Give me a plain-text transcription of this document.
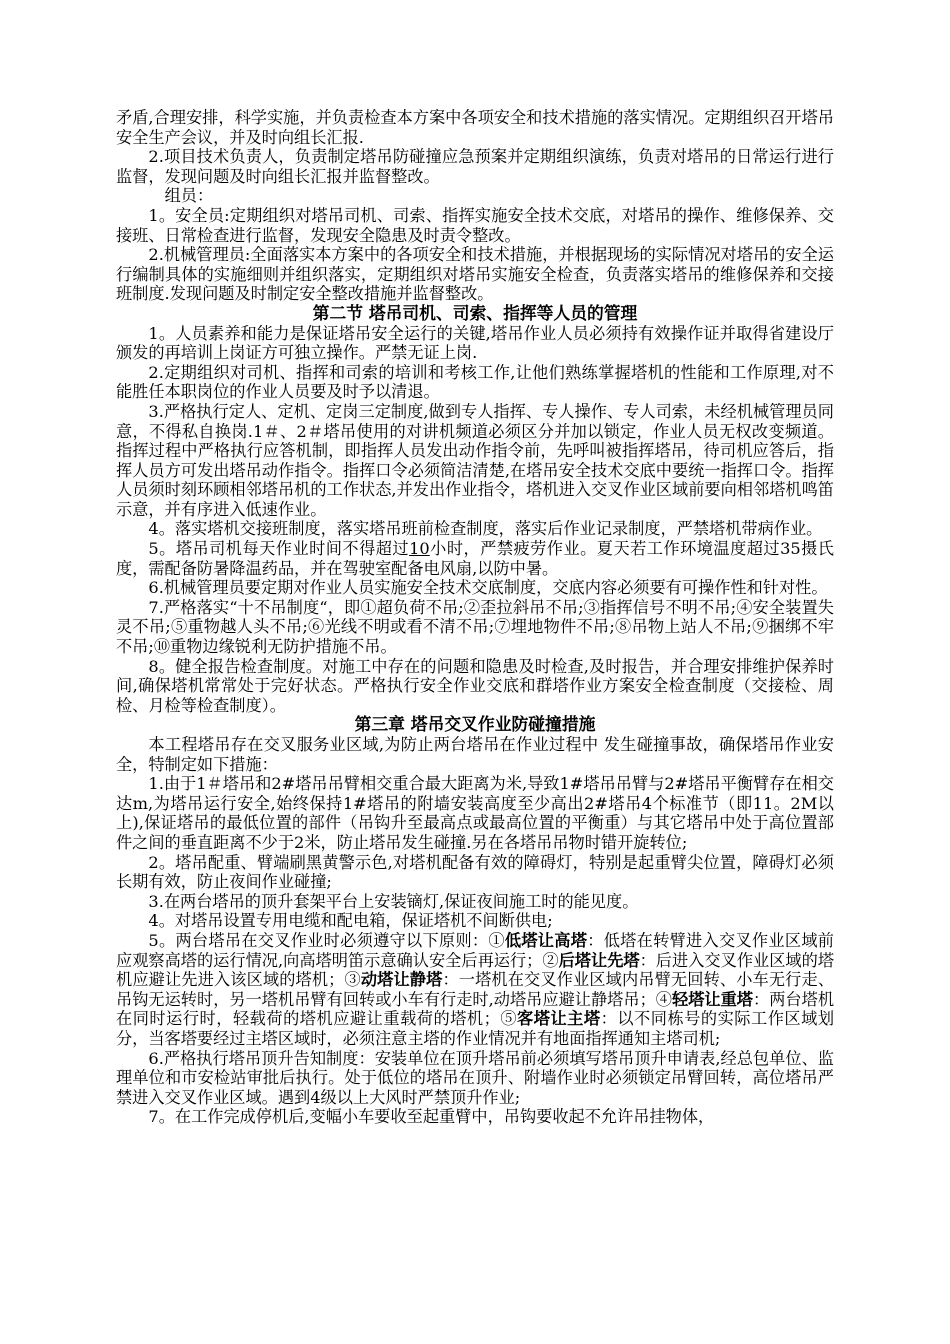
矛盾,合理安排，科学实施，并负责检查本方案中各项安全和技术措施的落实情况。定期组织召开塔吊安全生产会议，并及时向组长汇报.

2.项目技术负责人，负责制定塔吊防碰撞应急预案并定期组织演练，负责对塔吊的日常运行进行监督，发现问题及时向组长汇报并监督整改。

组员：

1。安全员:定期组织对塔吊司机、司索、指挥实施安全技术交底，对塔吊的操作、维修保养、交接班、日常检查进行监督，发现安全隐患及时责令整改。

2.机械管理员:全面落实本方案中的各项安全和技术措施，并根据现场的实际情况对塔吊的安全运行编制具体的实施细则并组织落实，定期组织对塔吊实施安全检查，负责落实塔吊的维修保养和交接班制度.发现问题及时制定安全整改措施并监督整改。

第二节 塔吊司机、司索、指挥等人员的管理

1。人员素养和能力是保证塔吊安全运行的关键,塔吊作业人员必须持有效操作证并取得省建设厅颁发的再培训上岗证方可独立操作。严禁无证上岗.

2.定期组织对司机、指挥和司索的培训和考核工作,让他们熟练掌握塔机的性能和工作原理,对不能胜任本职岗位的作业人员要及时予以清退。

3.严格执行定人、定机、定岗三定制度,做到专人指挥、专人操作、专人司索，未经机械管理员同意，不得私自换岗.1＃、2＃塔吊使用的对讲机频道必须区分并加以锁定，作业人员无权改变频道。指挥过程中严格执行应答机制，即指挥人员发出动作指令前，先呼叫被指挥塔吊，待司机应答后，指挥人员方可发出塔吊动作指令。指挥口令必须简洁清楚,在塔吊安全技术交底中要统一指挥口令。指挥人员须时刻环顾相邻塔吊机的工作状态,并发出作业指令，塔机进入交叉作业区域前要向相邻塔机鸣笛示意，并有序进入低速作业。

4。落实塔机交接班制度，落实塔吊班前检查制度，落实后作业记录制度，严禁塔机带病作业。

5。塔吊司机每天作业时间不得超过10小时，严禁疲劳作业。夏天若工作环境温度超过35摄氏度，需配备防暑降温药品，并在驾驶室配备电风扇,以防中暑。

6.机械管理员要定期对作业人员实施安全技术交底制度，交底内容必须要有可操作性和针对性。

7.严格落实“十不吊制度“，即①超负荷不吊;②歪拉斜吊不吊;③指挥信号不明不吊;④安全装置失灵不吊;⑤重物越人头不吊;⑥光线不明或看不清不吊;⑦埋地物件不吊;⑧吊物上站人不吊;⑨捆绑不牢不吊;⑩重物边缘锐利无防护措施不吊。

8。健全报告检查制度。对施工中存在的问题和隐患及时检查,及时报告，并合理安排维护保养时间,确保塔机常常处于完好状态。严格执行安全作业交底和群塔作业方案安全检查制度（交接检、周检、月检等检查制度）。

第三章 塔吊交叉作业防碰撞措施

本工程塔吊存在交叉服务业区域,为防止两台塔吊在作业过程中 发生碰撞事故，确保塔吊作业安全，特制定如下措施：

1.由于1＃塔吊和2#塔吊吊臂相交重合最大距离为米,导致1#塔吊吊臂与2#塔吊平衡臂存在相交达m,为塔吊运行安全,始终保持1#塔吊的附墙安装高度至少高出2#塔吊4个标准节（即11。2M以上),保证塔吊的最低位置的部件（吊钩升至最高点或最高位置的平衡重）与其它塔吊中处于高位置部件之间的垂直距离不少于2米，防止塔吊发生碰撞.另在各塔吊吊物时错开旋转位;

2。塔吊配重、臂端刷黑黄警示色,对塔机配备有效的障碍灯，特别是起重臂尖位置，障碍灯必须长期有效，防止夜间作业碰撞;

3.在两台塔吊的顶升套架平台上安装镝灯,保证夜间施工时的能见度。

4。对塔吊设置专用电缆和配电箱，保证塔机不间断供电;

5。两台塔吊在交叉作业时必须遵守以下原则：①低塔让高塔：低塔在转臂进入交叉作业区域前应观察高塔的运行情况,向高塔明笛示意确认安全后再运行；②后塔让先塔：后进入交叉作业区域的塔机应避让先进入该区域的塔机；③动塔让静塔：一塔机在交叉作业区域内吊臂无回转、小车无行走、吊钩无运转时，另一塔机吊臂有回转或小车有行走时,动塔吊应避让静塔吊；④轻塔让重塔：两台塔机在同时运行时，轻载荷的塔机应避让重载荷的塔机；⑤客塔让主塔：以不同栋号的实际工作区域划分，当客塔要经过主塔区域时，必须注意主塔的作业情况并有地面指挥通知主塔司机;

6.严格执行塔吊顶升告知制度：安装单位在顶升塔吊前必须填写塔吊顶升申请表,经总包单位、监理单位和市安检站审批后执行。处于低位的塔吊在顶升、附墙作业时必须锁定吊臂回转，高位塔吊严禁进入交叉作业区域。遇到4级以上大风时严禁顶升作业;

7。在工作完成停机后,变幅小车要收至起重臂中，吊钩要收起不允许吊挂物体，
